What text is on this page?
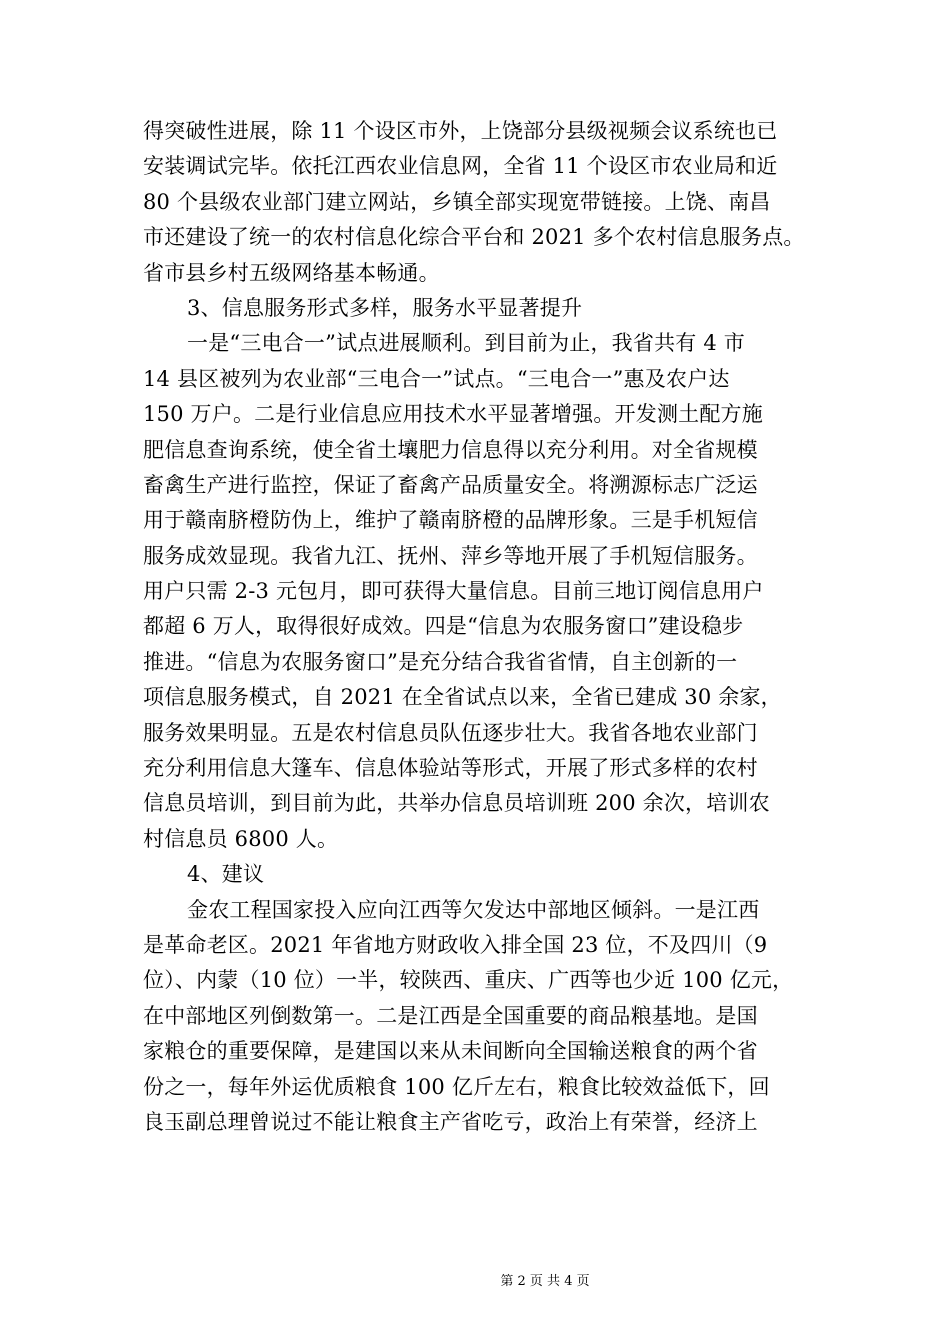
得突破性进展，除 11 个设区市外，上饶部分县级视频会议系统也已
安装调试完毕。依托江西农业信息网，全省 11 个设区市农业局和近
80 个县级农业部门建立网站，乡镇全部实现宽带链接。上饶、南昌
市还建设了统一的农村信息化综合平台和 2021 多个农村信息服务点。
省市县乡村五级网络基本畅通。
3、信息服务形式多样，服务水平显著提升
一是“三电合一”试点进展顺利。到目前为止，我省共有 4 市
14 县区被列为农业部“三电合一”试点。“三电合一”惠及农户达
150 万户。二是行业信息应用技术水平显著增强。开发测土配方施
肥信息查询系统，使全省土壤肥力信息得以充分利用。对全省规模
畜禽生产进行监控，保证了畜禽产品质量安全。将溯源标志广泛运
用于赣南脐橙防伪上，维护了赣南脐橙的品牌形象。三是手机短信
服务成效显现。我省九江、抚州、萍乡等地开展了手机短信服务。
用户只需 2-3 元包月，即可获得大量信息。目前三地订阅信息用户
都超 6 万人，取得很好成效。四是“信息为农服务窗口”建设稳步
推进。“信息为农服务窗口”是充分结合我省省情，自主创新的一
项信息服务模式，自 2021 在全省试点以来，全省已建成 30 余家，
服务效果明显。五是农村信息员队伍逐步壮大。我省各地农业部门
充分利用信息大篷车、信息体验站等形式，开展了形式多样的农村
信息员培训，到目前为此，共举办信息员培训班 200 余次，培训农
村信息员 6800 人。
4、建议
金农工程国家投入应向江西等欠发达中部地区倾斜。一是江西
是革命老区。2021 年省地方财政收入排全国 23 位，不及四川（9
位）、内蒙（10 位）一半，较陕西、重庆、广西等也少近 100 亿元，
在中部地区列倒数第一。二是江西是全国重要的商品粮基地。是国
家粮仓的重要保障，是建国以来从未间断向全国输送粮食的两个省
份之一，每年外运优质粮食 100 亿斤左右，粮食比较效益低下，回
良玉副总理曾说过不能让粮食主产省吃亏，政治上有荣誉，经济上
第 2 页 共 4 页
